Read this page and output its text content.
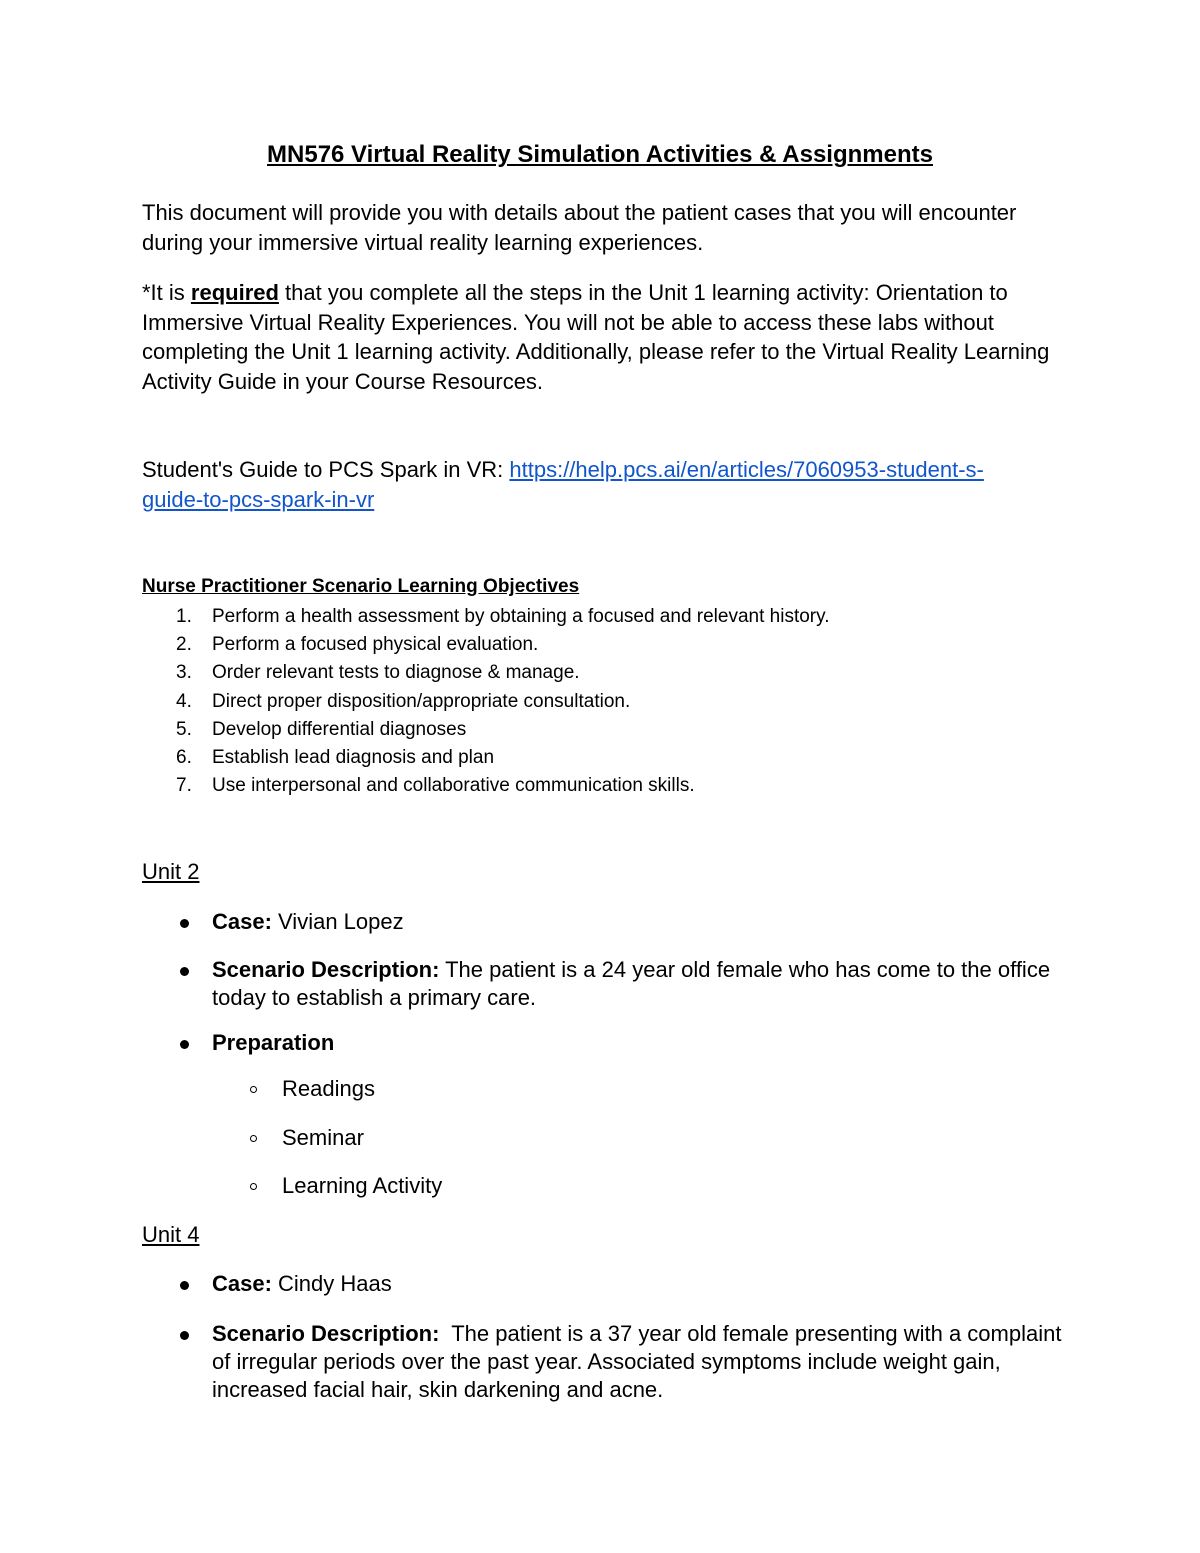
MN576 Virtual Reality Simulation Activities & Assignments

This document will provide you with details about the patient cases that you will encounter during your immersive virtual reality learning experiences.

*It is required that you complete all the steps in the Unit 1 learning activity: Orientation to Immersive Virtual Reality Experiences. You will not be able to access these labs without completing the Unit 1 learning activity. Additionally, please refer to the Virtual Reality Learning Activity Guide in your Course Resources.

Student's Guide to PCS Spark in VR: https://help.pcs.ai/en/articles/7060953-student-s-
guide-to-pcs-spark-in-vr

Nurse Practitioner Scenario Learning Objectives
1. Perform a health assessment by obtaining a focused and relevant history.
2. Perform a focused physical evaluation.
3. Order relevant tests to diagnose & manage.
4. Direct proper disposition/appropriate consultation.
5. Develop differential diagnoses
6. Establish lead diagnosis and plan
7. Use interpersonal and collaborative communication skills.
Unit 2
Case: Vivian Lopez
Scenario Description: The patient is a 24 year old female who has come to the office today to establish a primary care.
Preparation
Readings
Seminar
Learning Activity
Unit 4
Case: Cindy Haas
Scenario Description:  The patient is a 37 year old female presenting with a complaint of irregular periods over the past year. Associated symptoms include weight gain, increased facial hair, skin darkening and acne.
